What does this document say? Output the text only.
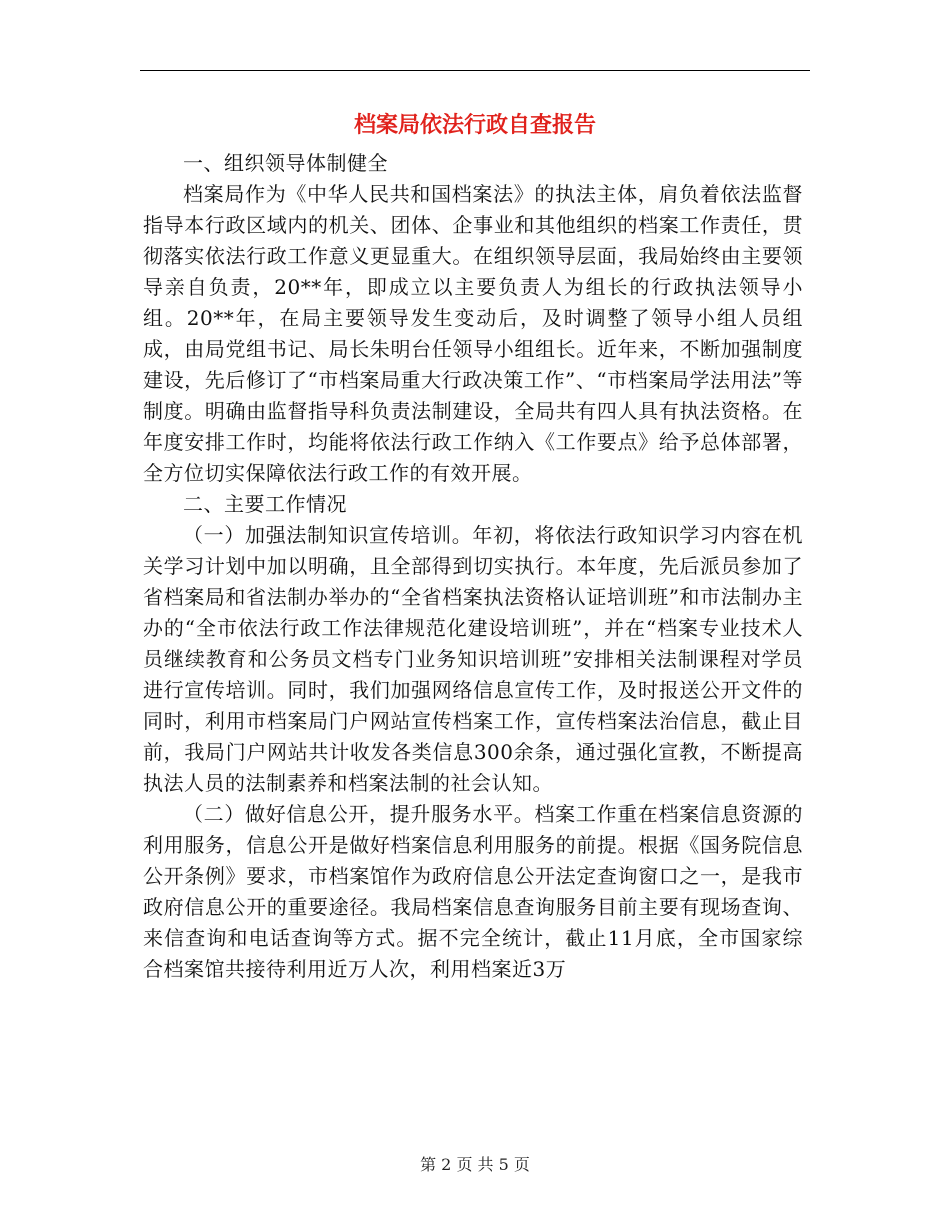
档案局依法行政自查报告

一、组织领导体制健全

档案局作为《中华人民共和国档案法》的执法主体，肩负着依法监督指导本行政区域内的机关、团体、企事业和其他组织的档案工作责任，贯彻落实依法行政工作意义更显重大。在组织领导层面，我局始终由主要领导亲自负责，20**年，即成立以主要负责人为组长的行政执法领导小组。20**年，在局主要领导发生变动后，及时调整了领导小组人员组成，由局党组书记、局长朱明台任领导小组组长。近年来，不断加强制度建设，先后修订了“市档案局重大行政决策工作”、“市档案局学法用法”等制度。明确由监督指导科负责法制建设，全局共有四人具有执法资格。在年度安排工作时，均能将依法行政工作纳入《工作要点》给予总体部署，全方位切实保障依法行政工作的有效开展。

二、主要工作情况

（一）加强法制知识宣传培训。年初，将依法行政知识学习内容在机关学习计划中加以明确，且全部得到切实执行。本年度，先后派员参加了省档案局和省法制办举办的“全省档案执法资格认证培训班”和市法制办主办的“全市依法行政工作法律规范化建设培训班”，并在“档案专业技术人员继续教育和公务员文档专门业务知识培训班”安排相关法制课程对学员进行宣传培训。同时，我们加强网络信息宣传工作，及时报送公开文件的同时，利用市档案局门户网站宣传档案工作，宣传档案法治信息，截止目前，我局门户网站共计收发各类信息300余条，通过强化宣教，不断提高执法人员的法制素养和档案法制的社会认知。

（二）做好信息公开，提升服务水平。档案工作重在档案信息资源的利用服务，信息公开是做好档案信息利用服务的前提。根据《国务院信息公开条例》要求，市档案馆作为政府信息公开法定查询窗口之一，是我市政府信息公开的重要途径。我局档案信息查询服务目前主要有现场查询、来信查询和电话查询等方式。据不完全统计，截止11月底，全市国家综合档案馆共接待利用近万人次，利用档案近3万

第 2 页 共 5 页
